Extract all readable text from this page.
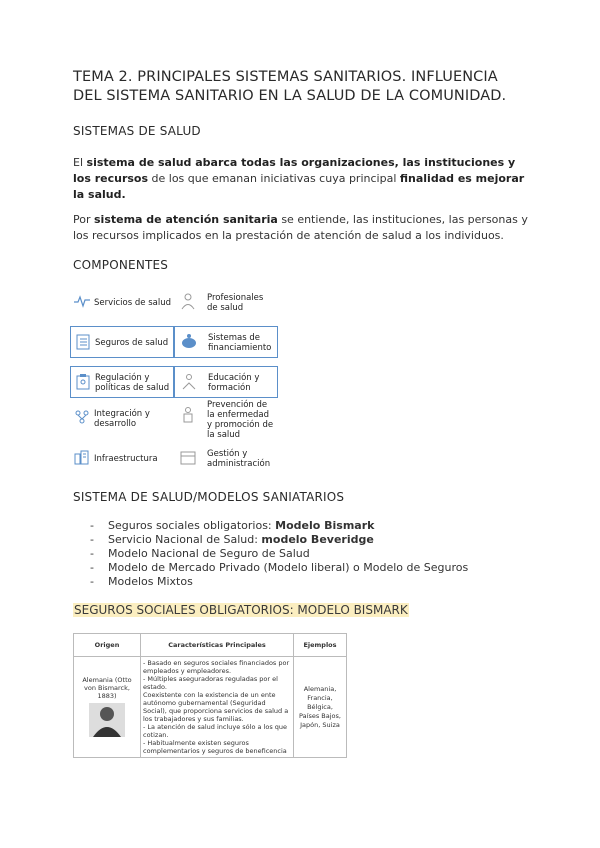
TEMA 2. PRINCIPALES SISTEMAS SANITARIOS. INFLUENCIA
DEL SISTEMA SANITARIO EN LA SALUD DE LA COMUNIDAD.
SISTEMAS DE SALUD
El sistema de salud abarca todas las organizaciones, las instituciones y los recursos de los que emanan iniciativas cuya principal finalidad es mejorar la salud.
Por sistema de atención sanitaria se entiende, las instituciones, las personas y los recursos implicados en la prestación de atención de salud a los individuos.
COMPONENTES
Servicios de salud
Seguros de salud
Regulación y políticas de salud
Integración y desarrollo
Infraestructura
Profesionales de salud
Sistemas de financiamiento
Educación y formación
Prevención de la enfermedad y promoción de la salud
Gestión y administración
SISTEMA DE SALUD/MODELOS SANIATARIOS
- Seguros sociales obligatorios: Modelo Bismark
- Servicio Nacional de Salud: modelo Beveridge
- Modelo Nacional de Seguro de Salud
- Modelo de Mercado Privado (Modelo liberal) o Modelo de Seguros
- Modelos Mixtos
SEGUROS SOCIALES OBLIGATORIOS: MODELO BISMARK
Origen	Características Principales	Ejemplos

Alemania (Otto von Bismarck, 1883)	- Basado en seguros sociales financiados por empleados y empleadores.
- Múltiples aseguradoras reguladas por el estado.
Coexistente con la existencia de un ente autónomo gubernamental (Seguridad Social), que proporciona servicios de salud a los trabajadores y sus familias.
- La atención de salud incluye sólo a los que cotizan.
- Habitualmente existen seguros complementarios y seguros de beneficencia	Alemania, Francia, Bélgica, Países Bajos, Japón, Suiza
